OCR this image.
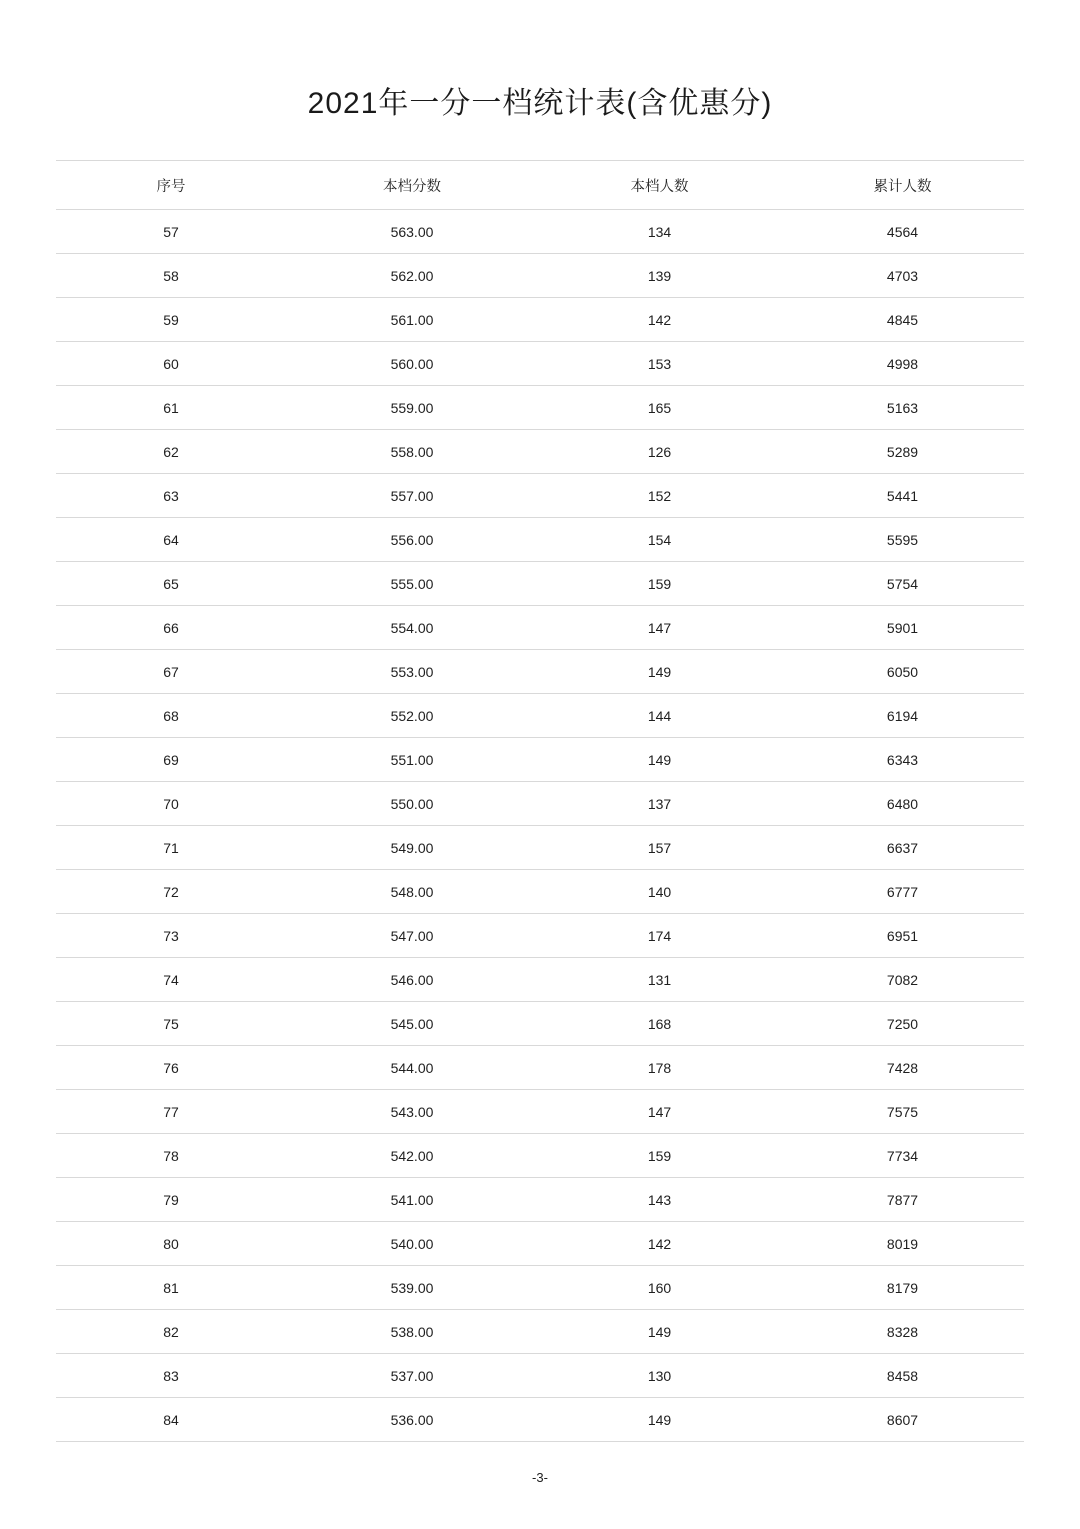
2021年一分一档统计表(含优惠分)
序号	本档分数	本档人数	累计人数
57	563.00	134	4564
58	562.00	139	4703
59	561.00	142	4845
60	560.00	153	4998
61	559.00	165	5163
62	558.00	126	5289
63	557.00	152	5441
64	556.00	154	5595
65	555.00	159	5754
66	554.00	147	5901
67	553.00	149	6050
68	552.00	144	6194
69	551.00	149	6343
70	550.00	137	6480
71	549.00	157	6637
72	548.00	140	6777
73	547.00	174	6951
74	546.00	131	7082
75	545.00	168	7250
76	544.00	178	7428
77	543.00	147	7575
78	542.00	159	7734
79	541.00	143	7877
80	540.00	142	8019
81	539.00	160	8179
82	538.00	149	8328
83	537.00	130	8458
84	536.00	149	8607
-3-
